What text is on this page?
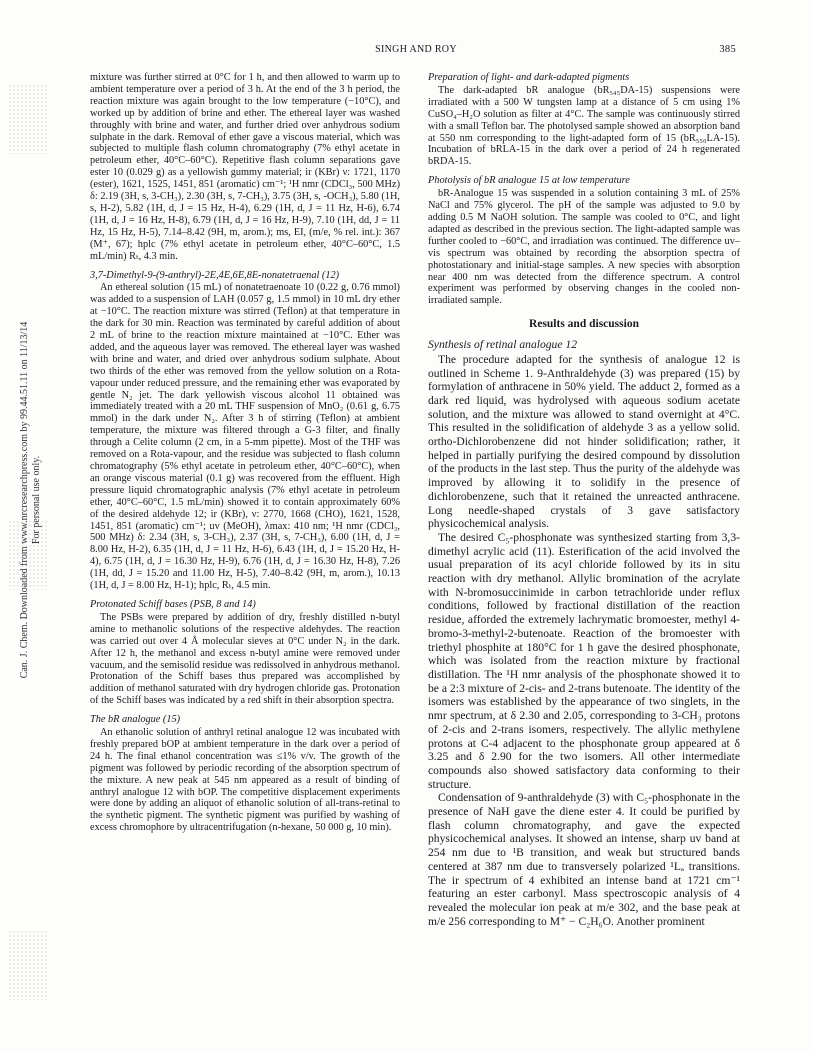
SINGH AND ROY	385
Can. J. Chem. Downloaded from www.nrcresearchpress.com by 99.44.51.11 on 11/13/14 For personal use only.

mixture was further stirred at 0°C for 1 h, and then allowed to warm up to ambient temperature over a period of 3 h. At the end of the 3 h period, the reaction mixture was again brought to the low temperature (−10°C), and worked up by addition of brine and ether. The ethereal layer was washed throughly with brine and water, and further dried over anhydrous sodium sulphate in the dark. Removal of ether gave a viscous material, which was subjected to multiple flash column chromatography (7% ethyl acetate in petroleum ether, 40°C–60°C). Repetitive flash column separations gave ester 10 (0.029 g) as a yellowish gummy material; ir (KBr) ν: 1721, 1170 (ester), 1621, 1525, 1451, 851 (aromatic) cm⁻¹; ¹H nmr (CDCl₃, 500 MHz) δ: 2.19 (3H, s, 3-CH₃), 2.30 (3H, s, 7-CH₃), 3.75 (3H, s, -OCH₃), 5.80 (1H, s, H-2), 5.82 (1H, d, J = 15 Hz, H-4), 6.29 (1H, d, J = 11 Hz, H-6), 6.74 (1H, d, J = 16 Hz, H-8), 6.79 (1H, d, J = 16 Hz, H-9), 7.10 (1H, dd, J = 11 Hz, 15 Hz, H-5), 7.14–8.42 (9H, m, arom.); ms, EI, (m/e, % rel. int.): 367 (M⁺, 67); hplc (7% ethyl acetate in petroleum ether, 40°C–60°C, 1.5 mL/min) Rₜ, 4.3 min.

3,7-Dimethyl-9-(9-anthryl)-2E,4E,6E,8E-nonatetraenal (12)

An ethereal solution (15 mL) of nonatetraenoate 10 (0.22 g, 0.76 mmol) was added to a suspension of LAH (0.057 g, 1.5 mmol) in 10 mL dry ether at −10°C. The reaction mixture was stirred (Teflon) at that temperature in the dark for 30 min. Reaction was terminated by careful addition of about 2 mL of brine to the reaction mixture maintained at −10°C. Ether was added, and the aqueous layer was removed. The ethereal layer was washed with brine and water, and dried over anhydrous sodium sulphate. About two thirds of the ether was removed from the yellow solution on a Rota-vapour under reduced pressure, and the remaining ether was evaporated by gentle N₂ jet. The dark yellowish viscous alcohol 11 obtained was immediately treated with a 20 mL THF suspension of MnO₂ (0.61 g, 6.75 mmol) in the dark under N₂. After 3 h of stirring (Teflon) at ambient temperature, the mixture was filtered through a G-3 filter, and finally through a Celite column (2 cm, in a 5-mm pipette). Most of the THF was removed on a Rota-vapour, and the residue was subjected to flash column chromatography (5% ethyl acetate in petroleum ether, 40°C–60°C), when an orange viscous material (0.1 g) was recovered from the effluent. High pressure liquid chromatographic analysis (7% ethyl acetate in petroleum ether, 40°C–60°C, 1.5 mL/min) showed it to contain approximately 60% of the desired aldehyde 12; ir (KBr), ν: 2770, 1668 (CHO), 1621, 1528, 1451, 851 (aromatic) cm⁻¹; uv (MeOH), λmax: 410 nm; ¹H nmr (CDCl₃, 500 MHz) δ: 2.34 (3H, s, 3-CH₃), 2.37 (3H, s, 7-CH₃), 6.00 (1H, d, J = 8.00 Hz, H-2), 6.35 (1H, d, J = 11 Hz, H-6), 6.43 (1H, d, J = 15.20 Hz, H-4), 6.75 (1H, d, J = 16.30 Hz, H-9), 6.76 (1H, d, J = 16.30 Hz, H-8), 7.26 (1H, dd, J = 15.20 and 11.00 Hz, H-5), 7.40–8.42 (9H, m, arom.), 10.13 (1H, d, J = 8.00 Hz, H-1); hplc, Rₜ, 4.5 min.

Protonated Schiff bases (PSB, 8 and 14)

The PSBs were prepared by addition of dry, freshly distilled n-butyl amine to methanolic solutions of the respective aldehydes. The reaction was carried out over 4 Å molecular sieves at 0°C under N₂ in the dark. After 12 h, the methanol and excess n-butyl amine were removed under vacuum, and the semisolid residue was redissolved in anhydrous methanol. Protonation of the Schiff bases thus prepared was accomplished by addition of methanol saturated with dry hydrogen chloride gas. Protonation of the Schiff bases was indicated by a red shift in their absorption spectra.

The bR analogue (15)

An ethanolic solution of anthryl retinal analogue 12 was incubated with freshly prepared bOP at ambient temperature in the dark over a period of 24 h. The final ethanol concentration was ≤1% v/v. The growth of the pigment was followed by periodic recording of the absorption spectrum of the mixture. A new peak at 545 nm appeared as a result of binding of anthryl analogue 12 with bOP. The competitive displacement experiments were done by adding an aliquot of ethanolic solution of all-trans-retinal to the synthetic pigment. The synthetic pigment was purified by washing of excess chromophore by ultracentrifugation (n-hexane, 50 000 g, 10 min).

Preparation of light- and dark-adapted pigments

The dark-adapted bR analogue (bR₅₄₅DA-15) suspensions were irradiated with a 500 W tungsten lamp at a distance of 5 cm using 1% CuSO₄–H₂O solution as filter at 4°C. The sample was continuously stirred with a small Teflon bar. The photolysed sample showed an absorption band at 550 nm corresponding to the light-adapted form of 15 (bR₅₅₀LA-15). Incubation of bRLA-15 in the dark over a period of 24 h regenerated bRDA-15.

Photolysis of bR analogue 15 at low temperature

bR-Analogue 15 was suspended in a solution containing 3 mL of 25% NaCl and 75% glycerol. The pH of the sample was adjusted to 9.0 by adding 0.5 M NaOH solution. The sample was cooled to 0°C, and light adapted as described in the previous section. The light-adapted sample was further cooled to −60°C, and irradiation was continued. The difference uv–vis spectrum was obtained by recording the absorption spectra of photostationary and initial-stage samples. A new species with absorption near 400 nm was detected from the difference spectrum. A control experiment was performed by observing changes in the cooled non-irradiated sample.

Results and discussion
Synthesis of retinal analogue 12

The procedure adapted for the synthesis of analogue 12 is outlined in Scheme 1. 9-Anthraldehyde (3) was prepared (15) by formylation of anthracene in 50% yield. The adduct 2, formed as a dark red liquid, was hydrolysed with aqueous sodium acetate solution, and the mixture was allowed to stand overnight at 4°C. This resulted in the solidification of aldehyde 3 as a yellow solid. ortho-Dichlorobenzene did not hinder solidification; rather, it helped in partially purifying the desired compound by dissolution of the products in the last step. Thus the purity of the aldehyde was improved by allowing it to solidify in the presence of dichlorobenzene, such that it retained the unreacted anthracene. Long needle-shaped crystals of 3 gave satisfactory physicochemical analysis.

The desired C₅-phosphonate was synthesized starting from 3,3-dimethyl acrylic acid (11). Esterification of the acid involved the usual preparation of its acyl chloride followed by its in situ reaction with dry methanol. Allylic bromination of the acrylate with N-bromosuccinimide in carbon tetrachloride under reflux conditions, followed by fractional distillation of the reaction residue, afforded the extremely lachrymatic bromoester, methyl 4-bromo-3-methyl-2-butenoate. Reaction of the bromoester with triethyl phosphite at 180°C for 1 h gave the desired phosphonate, which was isolated from the reaction mixture by fractional distillation. The ¹H nmr analysis of the phosphonate showed it to be a 2:3 mixture of 2-cis- and 2-trans butenoate. The identity of the isomers was established by the appearance of two singlets, in the nmr spectrum, at δ 2.30 and 2.05, corresponding to 3-CH₃ protons of 2-cis and 2-trans isomers, respectively. The allylic methylene protons at C-4 adjacent to the phosphonate group appeared at δ 3.25 and δ 2.90 for the two isomers. All other intermediate compounds also showed satisfactory data conforming to their structure.

Condensation of 9-anthraldehyde (3) with C₅-phosphonate in the presence of NaH gave the diene ester 4. It could be purified by flash column chromatography, and gave the expected physicochemical analyses. It showed an intense, sharp uv band at 254 nm due to ¹B transition, and weak but structured bands centered at 387 nm due to transversely polarized ¹Lₐ transitions. The ir spectrum of 4 exhibited an intense band at 1721 cm⁻¹ featuring an ester carbonyl. Mass spectroscopic analysis of 4 revealed the molecular ion peak at m/e 302, and the base peak at m/e 256 corresponding to M⁺ − C₂H₆O. Another prominent
